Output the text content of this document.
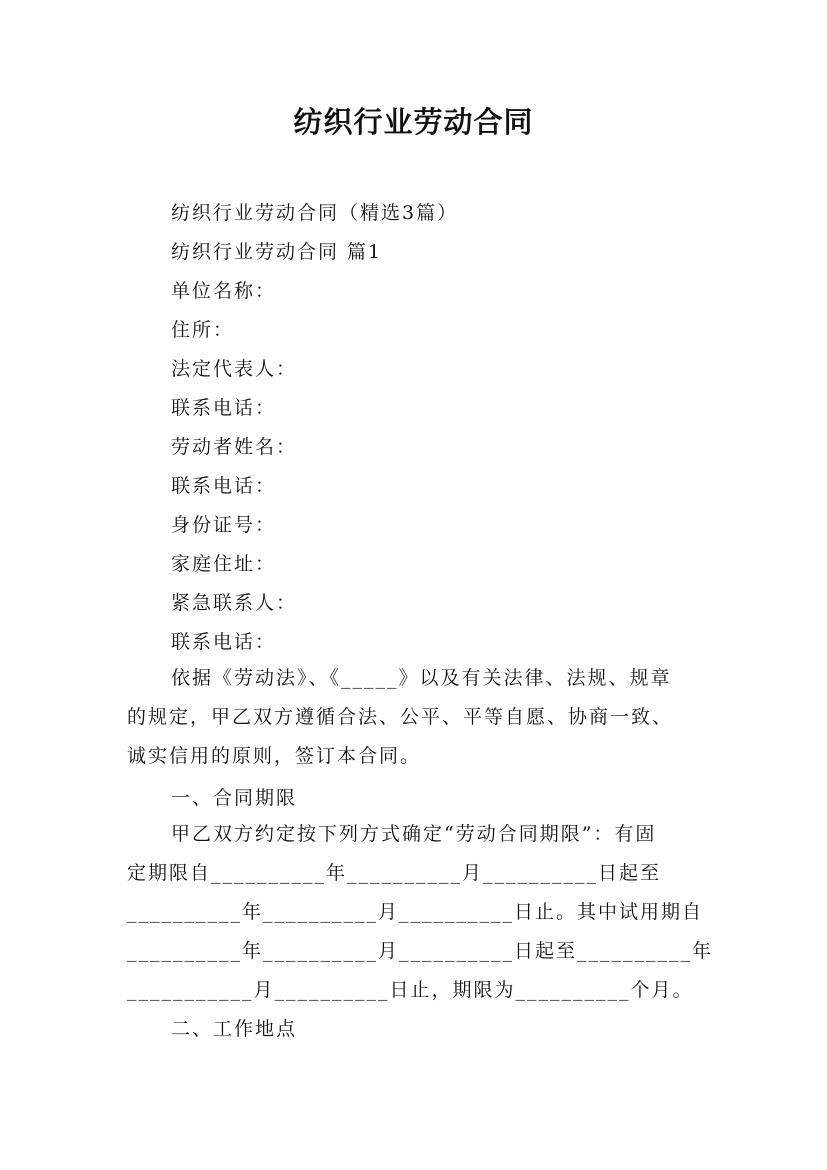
纺织行业劳动合同
纺织行业劳动合同（精选3篇）
纺织行业劳动合同 篇1
单位名称：
住所：
法定代表人：
联系电话：
劳动者姓名：
联系电话：
身份证号：
家庭住址：
紧急联系人：
联系电话：
依据《劳动法》、《_____》以及有关法律、法规、规章
的规定，甲乙双方遵循合法、公平、平等自愿、协商一致、
诚实信用的原则，签订本合同。
一、合同期限
甲乙双方约定按下列方式确定“劳动合同期限”：有固
定期限自__________年__________月__________日起至
__________年__________月__________日止。其中试用期自
__________年__________月__________日起至__________年
___________月__________日止，期限为__________个月。
二、工作地点
